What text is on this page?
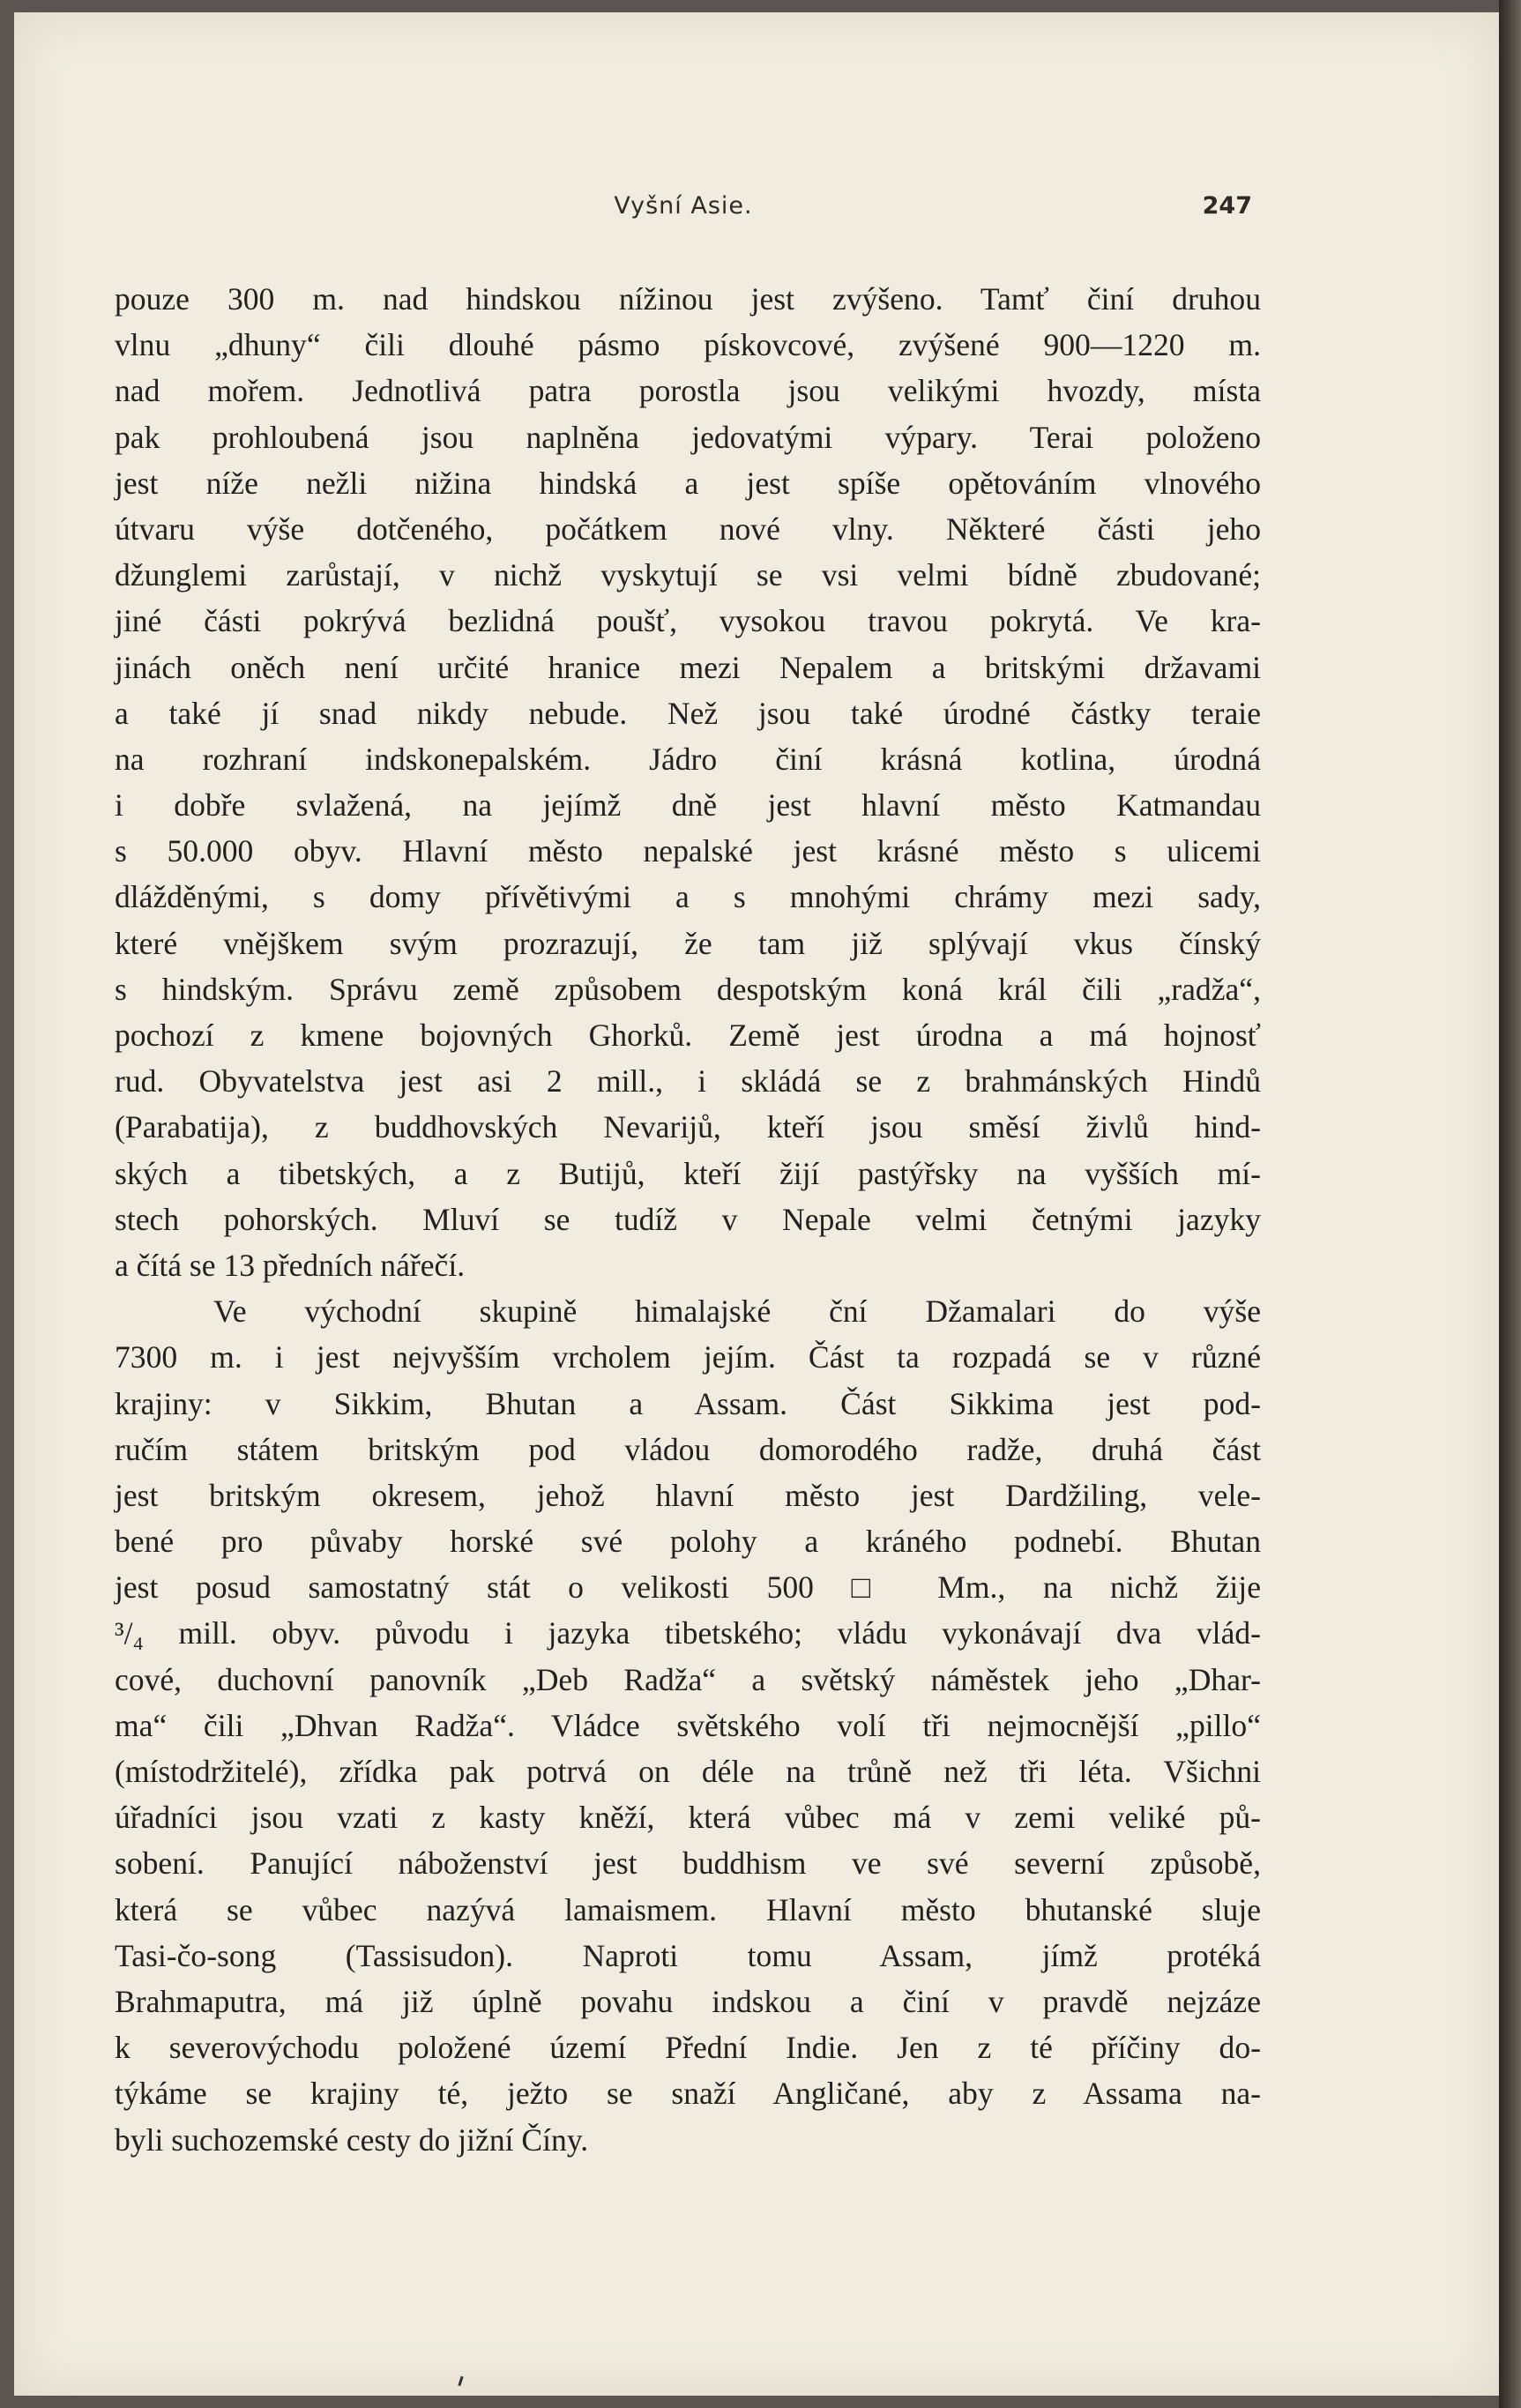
Vyšní Asie.	247
pouze 300 m. nad hindskou nížinou jest zvýšeno. Tamť činí druhou
vlnu „dhuny“ čili dlouhé pásmo pískovcové, zvýšené 900—1220 m.
nad mořem. Jednotlivá patra porostla jsou velikými hvozdy, místa
pak prohloubená jsou naplněna jedovatými výpary. Terai položeno
jest níže nežli nižina hindská a jest spíše opětováním vlnového
útvaru výše dotčeného, počátkem nové vlny. Některé části jeho
džunglemi zarůstají, v nichž vyskytují se vsi velmi bídně zbudované;
jiné části pokrývá bezlidná poušť, vysokou travou pokrytá. Ve kra-
jinách oněch není určité hranice mezi Nepalem a britskými državami
a také jí snad nikdy nebude. Než jsou také úrodné částky teraie
na rozhraní indskonepalském. Jádro činí krásná kotlina, úrodná
i dobře svlažená, na jejímž dně jest hlavní město Katmandau
s 50.000 obyv. Hlavní město nepalské jest krásné město s ulicemi
dlážděnými, s domy přívětivými a s mnohými chrámy mezi sady,
které vnějškem svým prozrazují, že tam již splývají vkus čínský
s hindským. Správu země způsobem despotským koná král čili „radža“,
pochozí z kmene bojovných Ghorků. Země jest úrodna a má hojnosť
rud. Obyvatelstva jest asi 2 mill., i skládá se z brahmánských Hindů
(Parabatija), z buddhovských Nevarijů, kteří jsou směsí živlů hind-
ských a tibetských, a z Butijů, kteří žijí pastýřsky na vyšších mí-
stech pohorských. Mluví se tudíž v Nepale velmi četnými jazyky
a čítá se 13 předních nářečí.
Ve východní skupině himalajské ční Džamalari do výše
7300 m. i jest nejvyšším vrcholem jejím. Část ta rozpadá se v různé
krajiny: v Sikkim, Bhutan a Assam. Část Sikkima jest pod-
ručím státem britským pod vládou domorodého radže, druhá část
jest britským okresem, jehož hlavní město jest Dardžiling, vele-
bené pro půvaby horské své polohy a kráného podnebí. Bhutan
jest posud samostatný stát o velikosti 500 □ Mm., na nichž žije
³/₄ mill. obyv. původu i jazyka tibetského; vládu vykonávají dva vlád-
cové, duchovní panovník „Deb Radža“ a světský náměstek jeho „Dhar-
ma“ čili „Dhvan Radža“. Vládce světského volí tři nejmocnější „pillo“
(místodržitelé), zřídka pak potrvá on déle na trůně než tři léta. Všichni
úřadníci jsou vzati z kasty kněží, která vůbec má v zemi veliké pů-
sobení. Panující náboženství jest buddhism ve své severní způsobě,
která se vůbec nazývá lamaismem. Hlavní město bhutanské sluje
Tasi-čo-song (Tassisudon). Naproti tomu Assam, jímž protéká
Brahmaputra, má již úplně povahu indskou a činí v pravdě nejzáze
k severovýchodu položené území Přední Indie. Jen z té příčiny do-
týkáme se krajiny té, ježto se snaží Angličané, aby z Assama na-
byli suchozemské cesty do jižní Číny.
